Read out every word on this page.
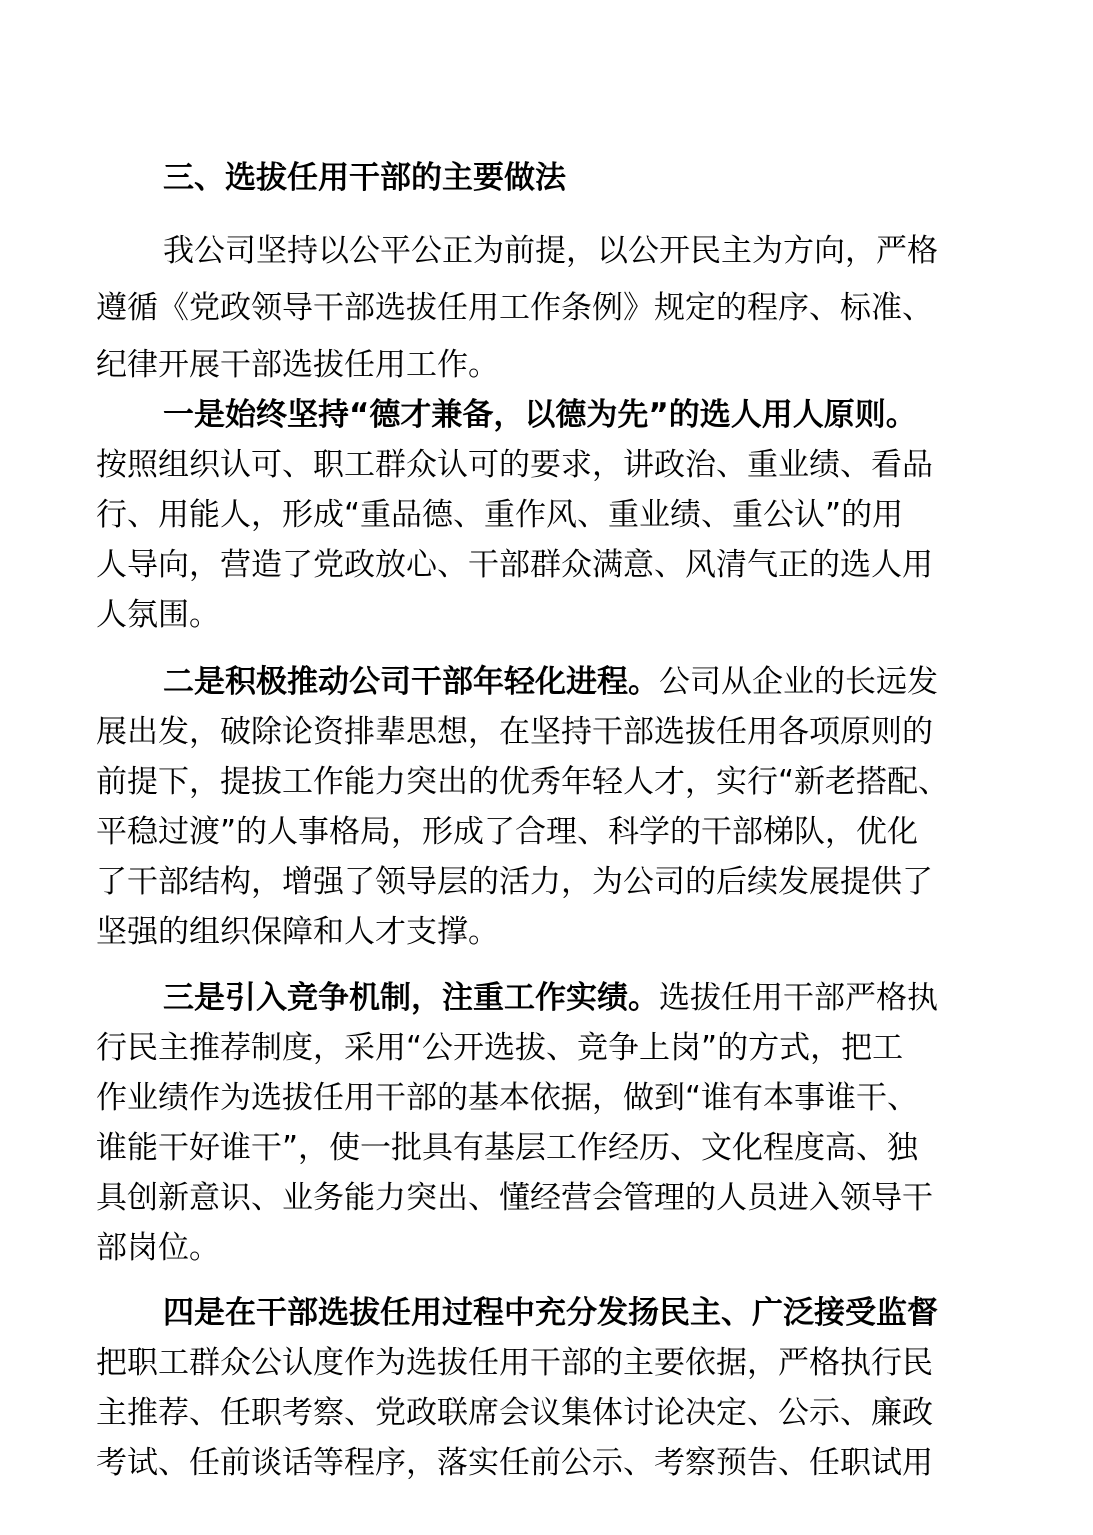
三、选拔任用干部的主要做法
我公司坚持以公平公正为前提，以公开民主为方向，严格
遵循《党政领导干部选拔任用工作条例》规定的程序、标准、
纪律开展干部选拔任用工作。
一是始终坚持“德才兼备，以德为先”的选人用人原则。
按照组织认可、职工群众认可的要求，讲政治、重业绩、看品
行、用能人，形成“重品德、重作风、重业绩、重公认”的用
人导向，营造了党政放心、干部群众满意、风清气正的选人用
人氛围。
二是积极推动公司干部年轻化进程。公司从企业的长远发
展出发，破除论资排辈思想，在坚持干部选拔任用各项原则的
前提下，提拔工作能力突出的优秀年轻人才，实行“新老搭配、
平稳过渡”的人事格局，形成了合理、科学的干部梯队，优化
了干部结构，增强了领导层的活力，为公司的后续发展提供了
坚强的组织保障和人才支撑。
三是引入竞争机制，注重工作实绩。选拔任用干部严格执
行民主推荐制度，采用“公开选拔、竞争上岗”的方式，把工
作业绩作为选拔任用干部的基本依据，做到“谁有本事谁干、
谁能干好谁干”，使一批具有基层工作经历、文化程度高、独
具创新意识、业务能力突出、懂经营会管理的人员进入领导干
部岗位。
四是在干部选拔任用过程中充分发扬民主、广泛接受监督
把职工群众公认度作为选拔任用干部的主要依据，严格执行民
主推荐、任职考察、党政联席会议集体讨论决定、公示、廉政
考试、任前谈话等程序，落实任前公示、考察预告、任职试用
